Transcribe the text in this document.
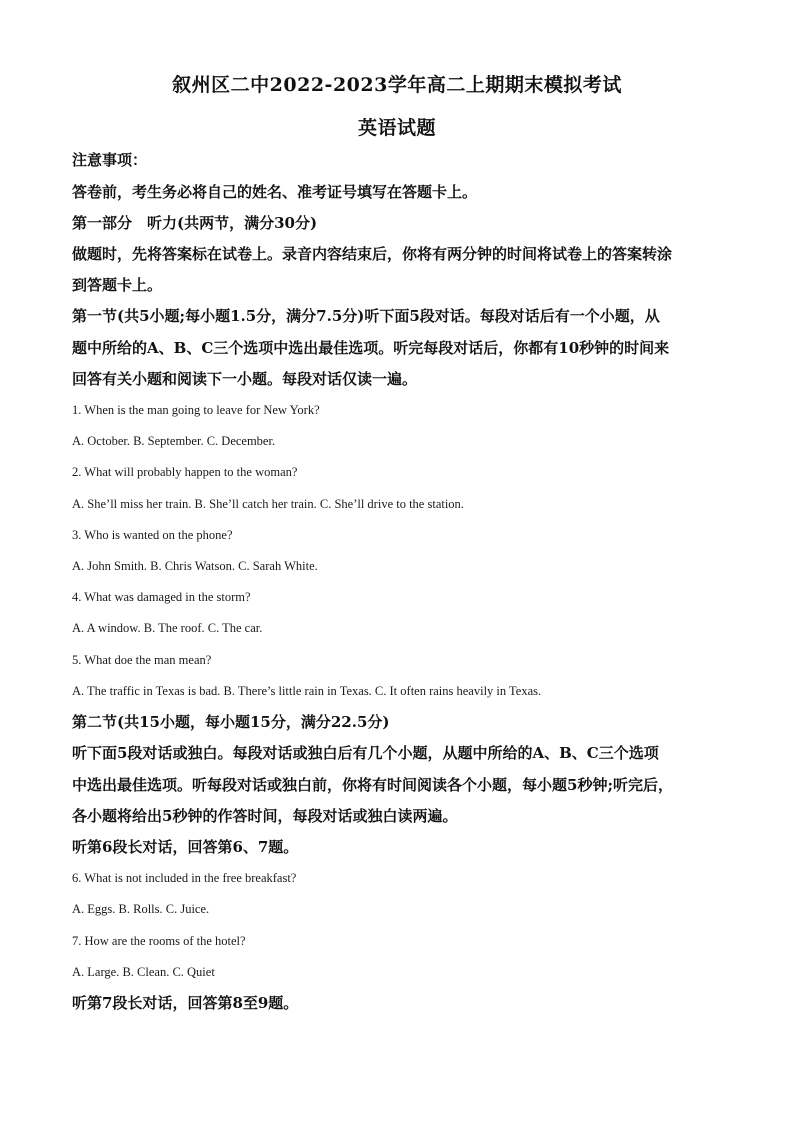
叙州区二中2022-2023学年高二上期期末模拟考试
英语试题
注意事项：
答卷前，考生务必将自己的姓名、准考证号填写在答题卡上。
第一部分　听力(共两节，满分30分)
做题时，先将答案标在试卷上。录音内容结束后，你将有两分钟的时间将试卷上的答案转涂
到答题卡上。
第一节(共5小题;每小题1.5分，满分7.5分)听下面5段对话。每段对话后有一个小题，从
题中所给的A、B、C三个选项中选出最佳选项。听完每段对话后，你都有10秒钟的时间来
回答有关小题和阅读下一小题。每段对话仅读一遍。
1. When is the man going to leave for New York?
A. October. B. September. C. December.
2. What will probably happen to the woman?
A. She’ll miss her train. B. She’ll catch her train. C. She’ll drive to the station.
3. Who is wanted on the phone?
A. John Smith. B. Chris Watson. C. Sarah White.
4. What was damaged in the storm?
A. A window. B. The roof. C. The car.
5. What doe the man mean?
A. The traffic in Texas is bad. B. There’s little rain in Texas. C. It often rains heavily in Texas.
第二节(共15小题，每小题15分，满分22.5分)
听下面5段对话或独白。每段对话或独白后有几个小题，从题中所给的A、B、C三个选项
中选出最佳选项。听每段对话或独白前，你将有时间阅读各个小题，每小题5秒钟;听完后，
各小题将给出5秒钟的作答时间，每段对话或独白读两遍。
听第6段长对话，回答第6、7题。
6. What is not included in the free breakfast?
A. Eggs. B. Rolls. C. Juice.
7. How are the rooms of the hotel?
A. Large. B. Clean. C. Quiet
听第7段长对话，回答第8至9题。
